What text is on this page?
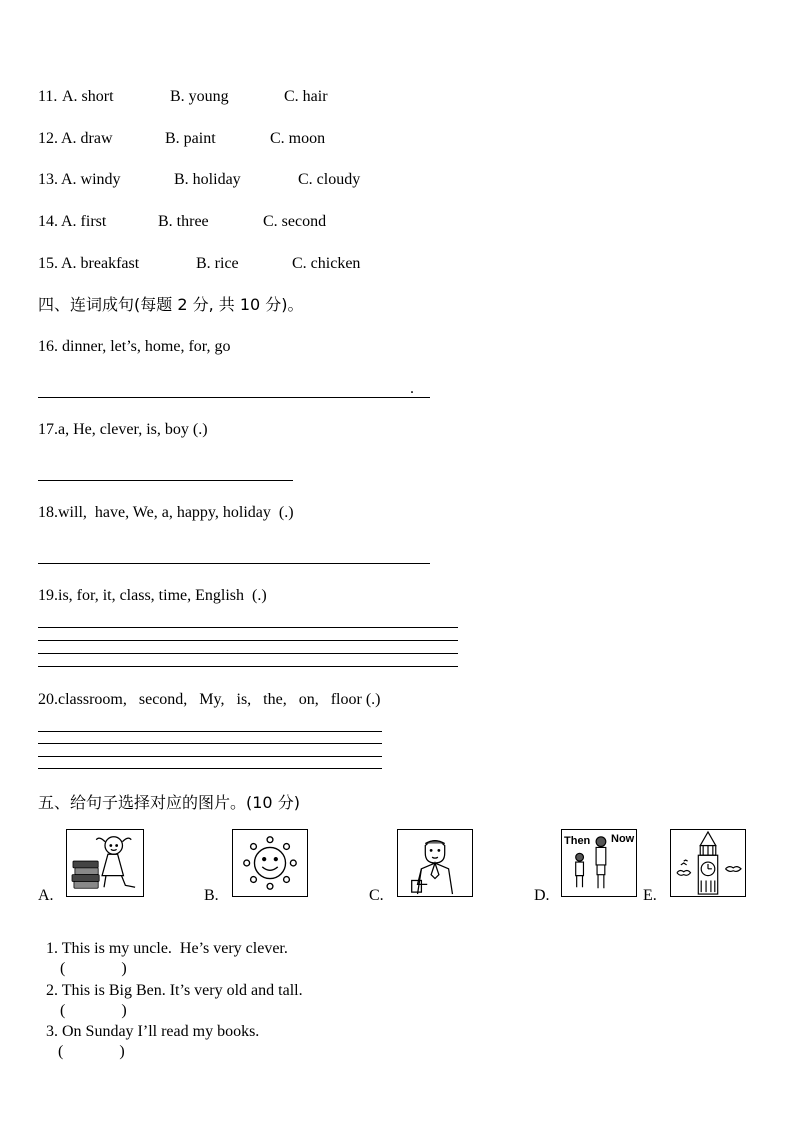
11. A. short	B. young	C. hair
12. A. draw	B. paint	C. moon
13. A. windy	B. holiday	C. cloudy
14. A. first	B. three	C. second
15. A. breakfast	B. rice	C. chicken
四、连词成句(每题 2 分, 共 10 分)。
16. dinner, let’s, home, for, go
.
17.a, He, clever, is, boy (.)
18.will,  have, We, a, happy, holiday  (.)
19.is, for, it, class, time, English  (.)
20.classroom,   second,   My,   is,   the,   on,   floor (.)
五、给句子选择对应的图片。(10 分)
A.	B.	C.	D.
Then Now
E.

1. This is my uncle.  He’s very clever.
(	)

2. This is Big Ben. It’s very old and tall.
(	)

3. On Sunday I’ll read my books.
(	)
